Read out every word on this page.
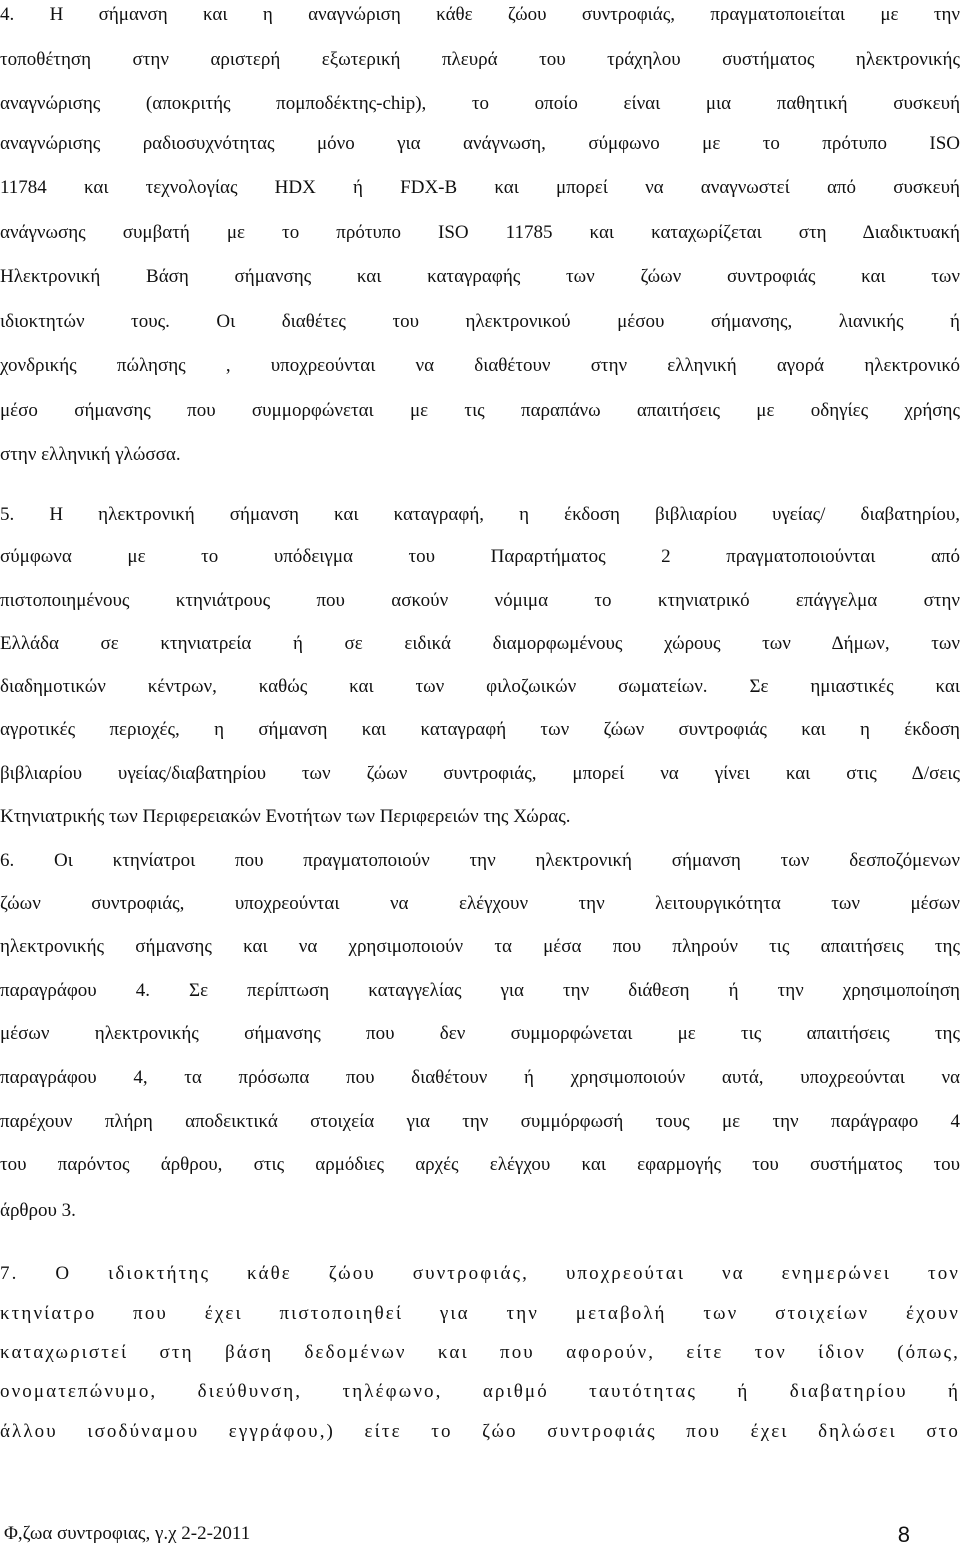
4. Η σήμανση και η αναγνώριση κάθε ζώου συντροφιάς, πραγματοποιείται με την
τοποθέτηση στην αριστερή εξωτερική πλευρά του τράχηλου συστήματος ηλεκτρονικής
αναγνώρισης (αποκριτής πομποδέκτης-chip), το οποίο είναι μια παθητική συσκευή
αναγνώρισης ραδιοσυχνότητας μόνο για ανάγνωση, σύμφωνο με το πρότυπο ISO
11784 και τεχνολογίας HDX ή FDX-B και μπορεί να αναγνωστεί από συσκευή
ανάγνωσης συμβατή με το πρότυπο ISO 11785 και καταχωρίζεται στη Διαδικτυακή
Ηλεκτρονική Βάση σήμανσης και καταγραφής των ζώων συντροφιάς και των
ιδιοκτητών τους. Οι διαθέτες του ηλεκτρονικού μέσου σήμανσης, λιανικής ή
χονδρικής πώλησης , υποχρεούνται να διαθέτουν στην ελληνική αγορά ηλεκτρονικό
μέσο σήμανσης που συμμορφώνεται με τις παραπάνω απαιτήσεις με οδηγίες χρήσης
στην ελληνική γλώσσα.
5. Η ηλεκτρονική σήμανση και καταγραφή, η έκδοση βιβλιαρίου υγείας/ διαβατηρίου,
σύμφωνα με το υπόδειγμα του Παραρτήματος 2 πραγματοποιούνται από
πιστοποιημένους κτηνιάτρους που ασκούν νόμιμα το κτηνιατρικό επάγγελμα στην
Ελλάδα σε κτηνιατρεία ή σε ειδικά διαμορφωμένους χώρους των Δήμων, των
διαδημοτικών κέντρων, καθώς και των φιλοζωικών σωματείων. Σε ημιαστικές και
αγροτικές περιοχές, η σήμανση και καταγραφή των ζώων συντροφιάς και η έκδοση
βιβλιαρίου υγείας/διαβατηρίου των ζώων συντροφιάς, μπορεί να γίνει και στις Δ/σεις
Κτηνιατρικής των Περιφερειακών Ενοτήτων των Περιφερειών της Χώρας.
6. Οι κτηνίατροι που πραγματοποιούν την ηλεκτρονική σήμανση των δεσποζόμενων
ζώων συντροφιάς, υποχρεούνται να ελέγχουν την λειτουργικότητα των μέσων
ηλεκτρονικής σήμανσης και να χρησιμοποιούν τα μέσα που πληρούν τις απαιτήσεις της
παραγράφου 4. Σε περίπτωση καταγγελίας για την διάθεση ή την χρησιμοποίηση
μέσων ηλεκτρονικής σήμανσης που δεν συμμορφώνεται με τις απαιτήσεις της
παραγράφου 4, τα πρόσωπα που διαθέτουν ή χρησιμοποιούν αυτά, υποχρεούνται να
παρέχουν πλήρη αποδεικτικά στοιχεία για την συμμόρφωσή τους με την παράγραφο 4
του παρόντος άρθρου, στις αρμόδιες αρχές ελέγχου και εφαρμογής του συστήματος του
άρθρου 3.
7. Ο ιδιοκτήτης κάθε ζώου συντροφιάς, υποχρεούται να ενημερώνει τον
κτηνίατρο που έχει πιστοποιηθεί για την μεταβολή των στοιχείων έχουν
καταχωριστεί στη βάση δεδομένων και που αφορούν, είτε τον ίδιον (όπως,
ονοματεπώνυμο, διεύθυνση, τηλέφωνο, αριθμό ταυτότητας ή διαβατηρίου ή
άλλου ισοδύναμου εγγράφου,) είτε το ζώο συντροφιάς που έχει δηλώσει στο
Φ,ζωα συντροφιας, γ.χ 2-2-2011	8
